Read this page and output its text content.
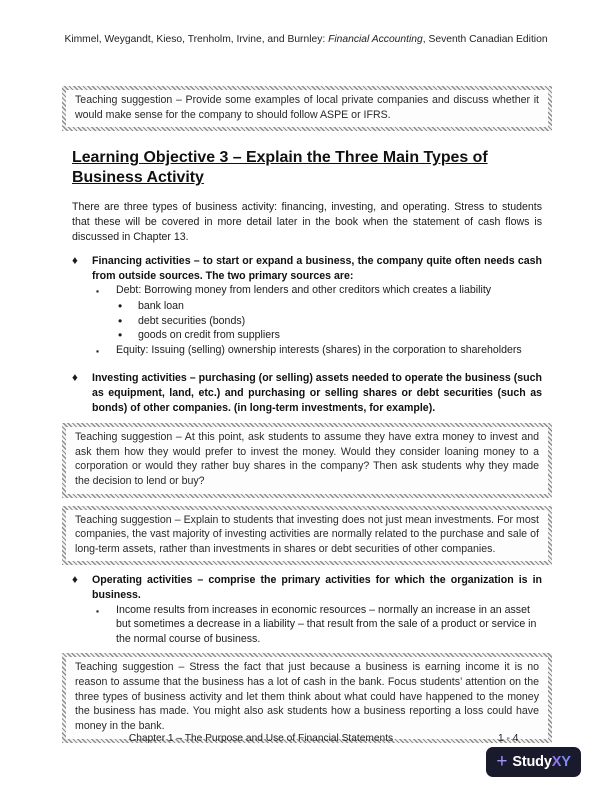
Kimmel, Weygandt, Kieso, Trenholm, Irvine, and Burnley: Financial Accounting, Seventh Canadian Edition
Teaching suggestion – Provide some examples of local private companies and discuss whether it would make sense for the company to should follow ASPE or IFRS.
Learning Objective 3 – Explain the Three Main Types of Business Activity

There are three types of business activity: financing, investing, and operating. Stress to students that these will be covered in more detail later in the book when the statement of cash flows is discussed in Chapter 13.

♦	Financing activities – to start or expand a business, the company quite often needs cash from outside sources. The two primary sources are:
▪	Debt: Borrowing money from lenders and other creditors which creates a liability
•	bank loan
•	debt securities (bonds)
•	goods on credit from suppliers
▪	Equity: Issuing (selling) ownership interests (shares) in the corporation to shareholders
♦	Investing activities – purchasing (or selling) assets needed to operate the business (such as equipment, land, etc.) and purchasing or selling shares or debt securities (such as bonds) of other companies. (in long-term investments, for example).
Teaching suggestion – At this point, ask students to assume they have extra money to invest and ask them how they would prefer to invest the money. Would they consider loaning money to a corporation or would they rather buy shares in the company? Then ask students why they made the decision to lend or buy?
Teaching suggestion – Explain to students that investing does not just mean investments. For most companies, the vast majority of investing activities are normally related to the purchase and sale of long-term assets, rather than investments in shares or debt securities of other companies.
♦	Operating activities – comprise the primary activities for which the organization is in business.
▪	Income results from increases in economic resources – normally an increase in an asset but sometimes a decrease in a liability – that result from the sale of a product or service in the normal course of business.
Teaching suggestion – Stress the fact that just because a business is earning income it is no reason to assume that the business has a lot of cash in the bank. Focus students’ attention on the three types of business activity and let them think about what could have happened to the money the business has made. You might also ask students how a business reporting a loss could have money in the bank.
Chapter 1 – The Purpose and Use of Financial Statements	1 - 4
+ StudyXY
